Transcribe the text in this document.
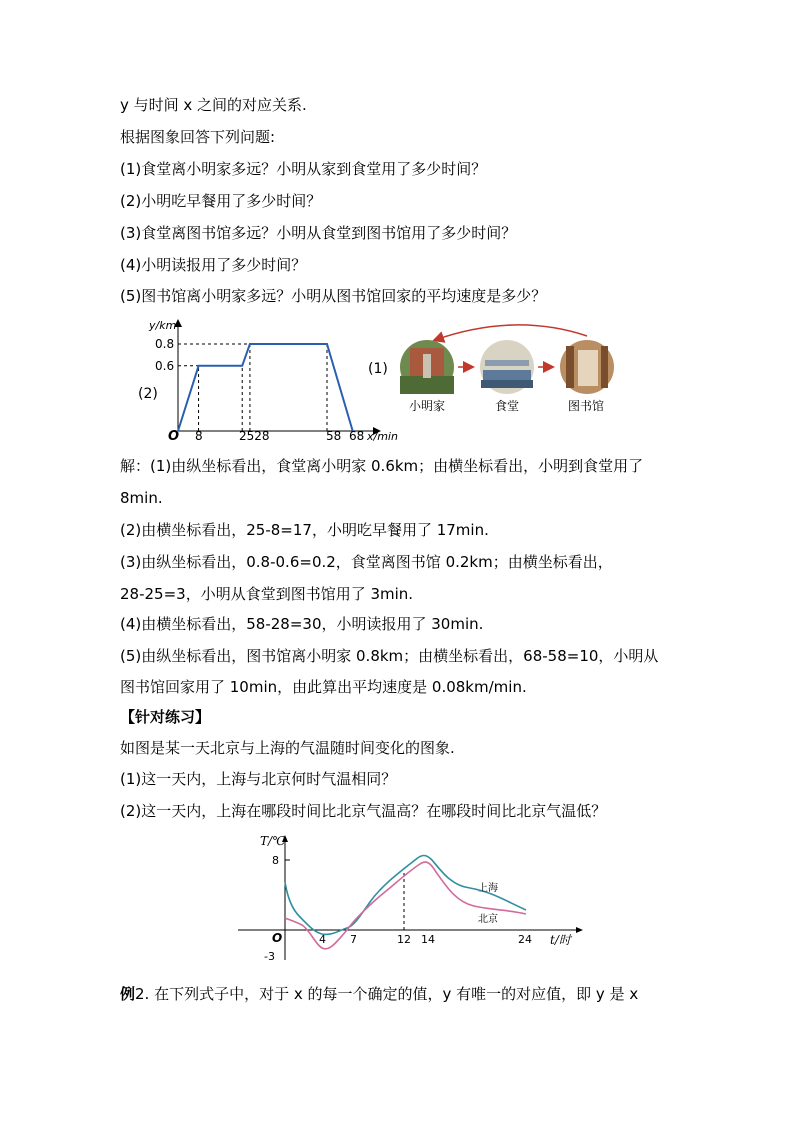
y 与时间 x 之间的对应关系.
根据图象回答下列问题:
(1)食堂离小明家多远？小明从家到食堂用了多少时间？
(2)小明吃早餐用了多少时间？
(3)食堂离图书馆多远？小明从食堂到图书馆用了多少时间？
(4)小明读报用了多少时间？
(5)图书馆离小明家多远？小明从图书馆回家的平均速度是多少？
y/km
x/min
O
0.8
0.6
8	2528	58 68
(2)
(1)
小明家	食堂	图书馆
解：(1)由纵坐标看出，食堂离小明家 0.6km；由横坐标看出，小明到食堂用了
8min.
(2)由横坐标看出，25-8=17，小明吃早餐用了 17min.
(3)由纵坐标看出，0.8-0.6=0.2，食堂离图书馆 0.2km；由横坐标看出，
28-25=3，小明从食堂到图书馆用了 3min.
(4)由横坐标看出，58-28=30，小明读报用了 30min.
(5)由纵坐标看出，图书馆离小明家 0.8km；由横坐标看出，68-58=10，小明从
图书馆回家用了 10min，由此算出平均速度是 0.08km/min.
【针对练习】
如图是某一天北京与上海的气温随时间变化的图象.
(1)这一天内，上海与北京何时气温相同？
(2)这一天内，上海在哪段时间比北京气温高？在哪段时间比北京气温低？
T/℃
t/时
O
8
-3
4 7	12 14	24
上海
北京
例2. 在下列式子中，对于 x 的每一个确定的值，y 有唯一的对应值，即 y 是 x
